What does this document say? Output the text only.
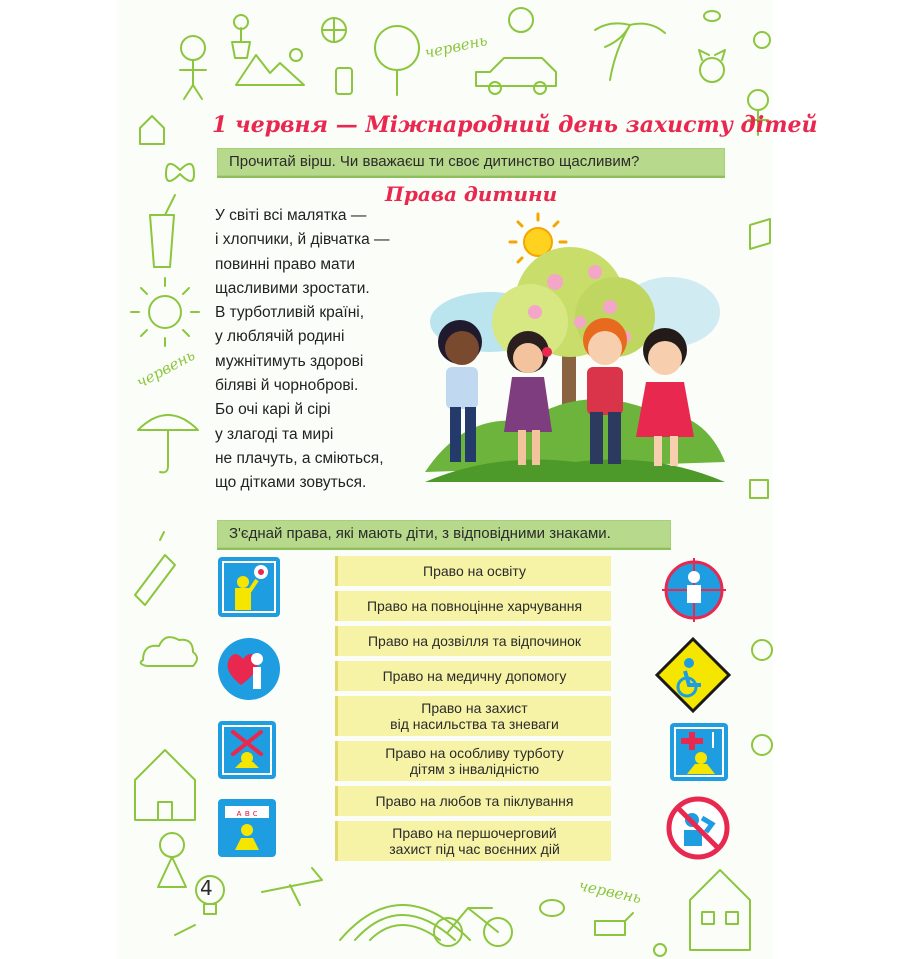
червень
червень
червень
1 червня — Міжнародний день захисту дітей
Прочитай вірш. Чи вважаєш ти своє дитинство щасливим?
Права дитини
У світі всі малятка —
і хлопчики, й дівчатка —
повинні право мати
щасливими зростати.
В турботливій країні,
у люблячій родині
мужнітимуть здорові
біляві й чорноброві.
Бо очі карі й сірі
у злагоді та мирі
не плачуть, а сміються,
що дітками зовуться.
З'єднай права, які мають діти, з відповідними знаками.
Право на освіту
Право на повноцінне харчування
Право на дозвілля та відпочинок
Право на медичну допомогу
Право на захист
від насильства та зневаги
Право на особливу турботу
дітям з інвалідністю
Право на любов та піклування
Право на першочерговий
захист під час воєнних дій
ᴀ ʙ ᴄ
4
